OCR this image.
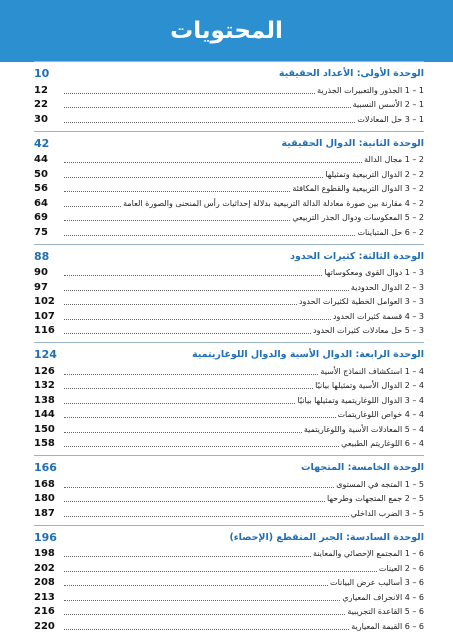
المحتويات
الوحدة الأولى: الأعداد الحقيقية
10
1 – 1 الجذور والتعبيرات الجذرية
12
1 – 2 الأسس النسبية
22
1 – 3 حل المعادلات
30
الوحدة الثانية: الدوال الحقيقية
42
2 – 1 مجال الدالة
44
2 – 2 الدوال التربيعية وتمثيلها
50
2 – 3 الدوال التربيعية والقطوع المكافئة
56
2 – 4 مقارنة بين صورة معادلة الدالة التربيعية بدلالة إحداثيات رأس المنحنى والصورة العامة
64
2 – 5 المعكوسات ودوال الجذر التربيعي
69
2 – 6 حل المتباينات
75
الوحدة الثالثة: كثيرات الحدود
88
3 – 1 دوال القوى ومعكوساتها
90
3 – 2 الدوال الحدودية
97
3 – 3 العوامل الخطية لكثيرات الحدود
102
3 – 4 قسمة كثيرات الحدود
107
3 – 5 حل معادلات كثيرات الحدود
116
الوحدة الرابعة: الدوال الأسية والدوال اللوغاريتمية
124
4 – 1 استكشاف النماذج الأسية
126
4 – 2 الدوال الأسية وتمثيلها بيانيًا
132
4 – 3 الدوال اللوغاريتمية وتمثيلها بيانيًا
138
4 – 4 خواص اللوغاريتمات
144
4 – 5 المعادلات الأسية واللوغاريتمية
150
4 – 6 اللوغاريتم الطبيعي
158
الوحدة الخامسة: المتجهات
166
5 – 1 المتجه في المستوى
168
5 – 2 جمع المتجهات وطرحها
180
5 – 3 الضرب الداخلي
187
الوحدة السادسة: الجبر المتقطع (الإحصاء)
196
6 – 1 المجتمع الإحصائي والمعاينة
198
6 – 2 العينات
202
6 – 3 أساليب عرض البيانات
208
6 – 4 الانحراف المعياري
213
6 – 5 القاعدة التجريبية
216
6 – 6 القيمة المعيارية
220
